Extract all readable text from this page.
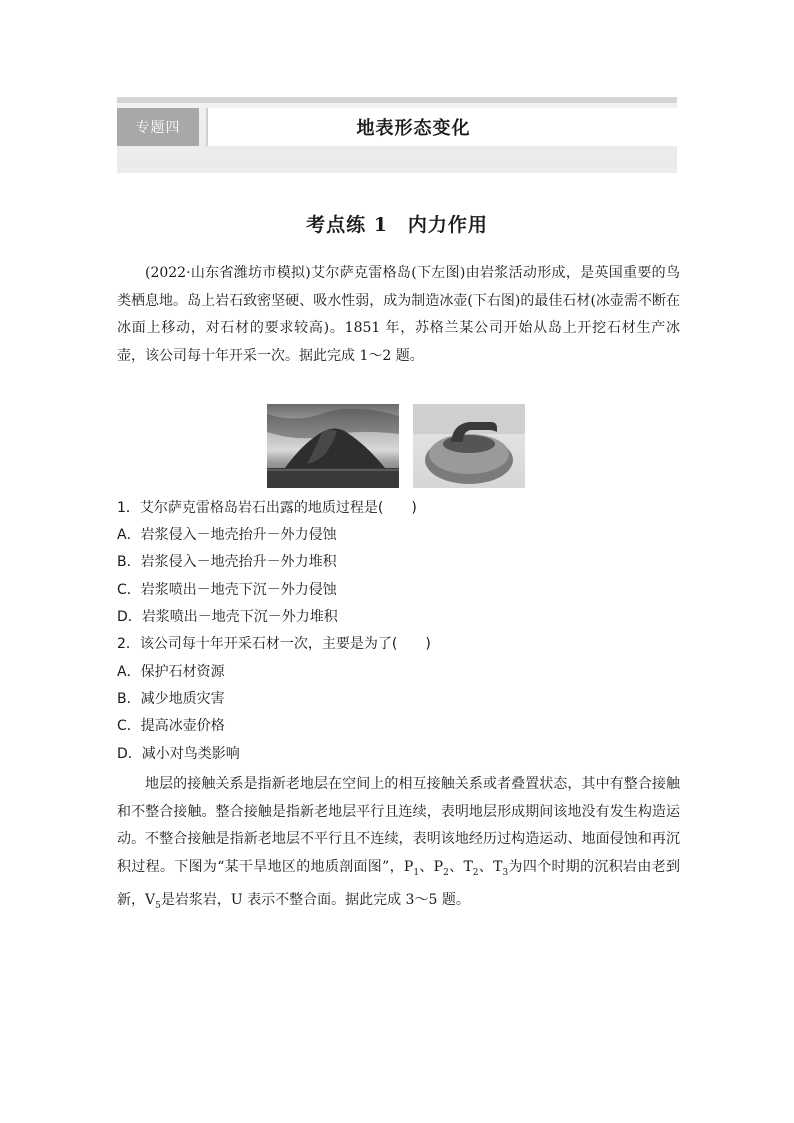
专题四	地表形态变化
考点练 1　内力作用
(2022·山东省潍坊市模拟)艾尔萨克雷格岛(下左图)由岩浆活动形成，是英国重要的鸟类栖息地。岛上岩石致密坚硬、吸水性弱，成为制造冰壶(下右图)的最佳石材(冰壶需不断在冰面上移动，对石材的要求较高)。1851 年，苏格兰某公司开始从岛上开挖石材生产冰壶，该公司每十年开采一次。据此完成 1～2 题。
1．艾尔萨克雷格岛岩石出露的地质过程是(　　)
A．岩浆侵入－地壳抬升－外力侵蚀
B．岩浆侵入－地壳抬升－外力堆积
C．岩浆喷出－地壳下沉－外力侵蚀
D．岩浆喷出－地壳下沉－外力堆积
2．该公司每十年开采石材一次，主要是为了(　　)
A．保护石材资源
B．减少地质灾害
C．提高冰壶价格
D．减小对鸟类影响
地层的接触关系是指新老地层在空间上的相互接触关系或者叠置状态，其中有整合接触和不整合接触。整合接触是指新老地层平行且连续，表明地层形成期间该地没有发生构造运动。不整合接触是指新老地层不平行且不连续，表明该地经历过构造运动、地面侵蚀和再沉积过程。下图为“某干旱地区的地质剖面图”，$P_1$、$P_2$、$T_2$、$T_3$为四个时期的沉积岩由老到新，$V_5$是岩浆岩，U 表示不整合面。据此完成 3～5 题。
